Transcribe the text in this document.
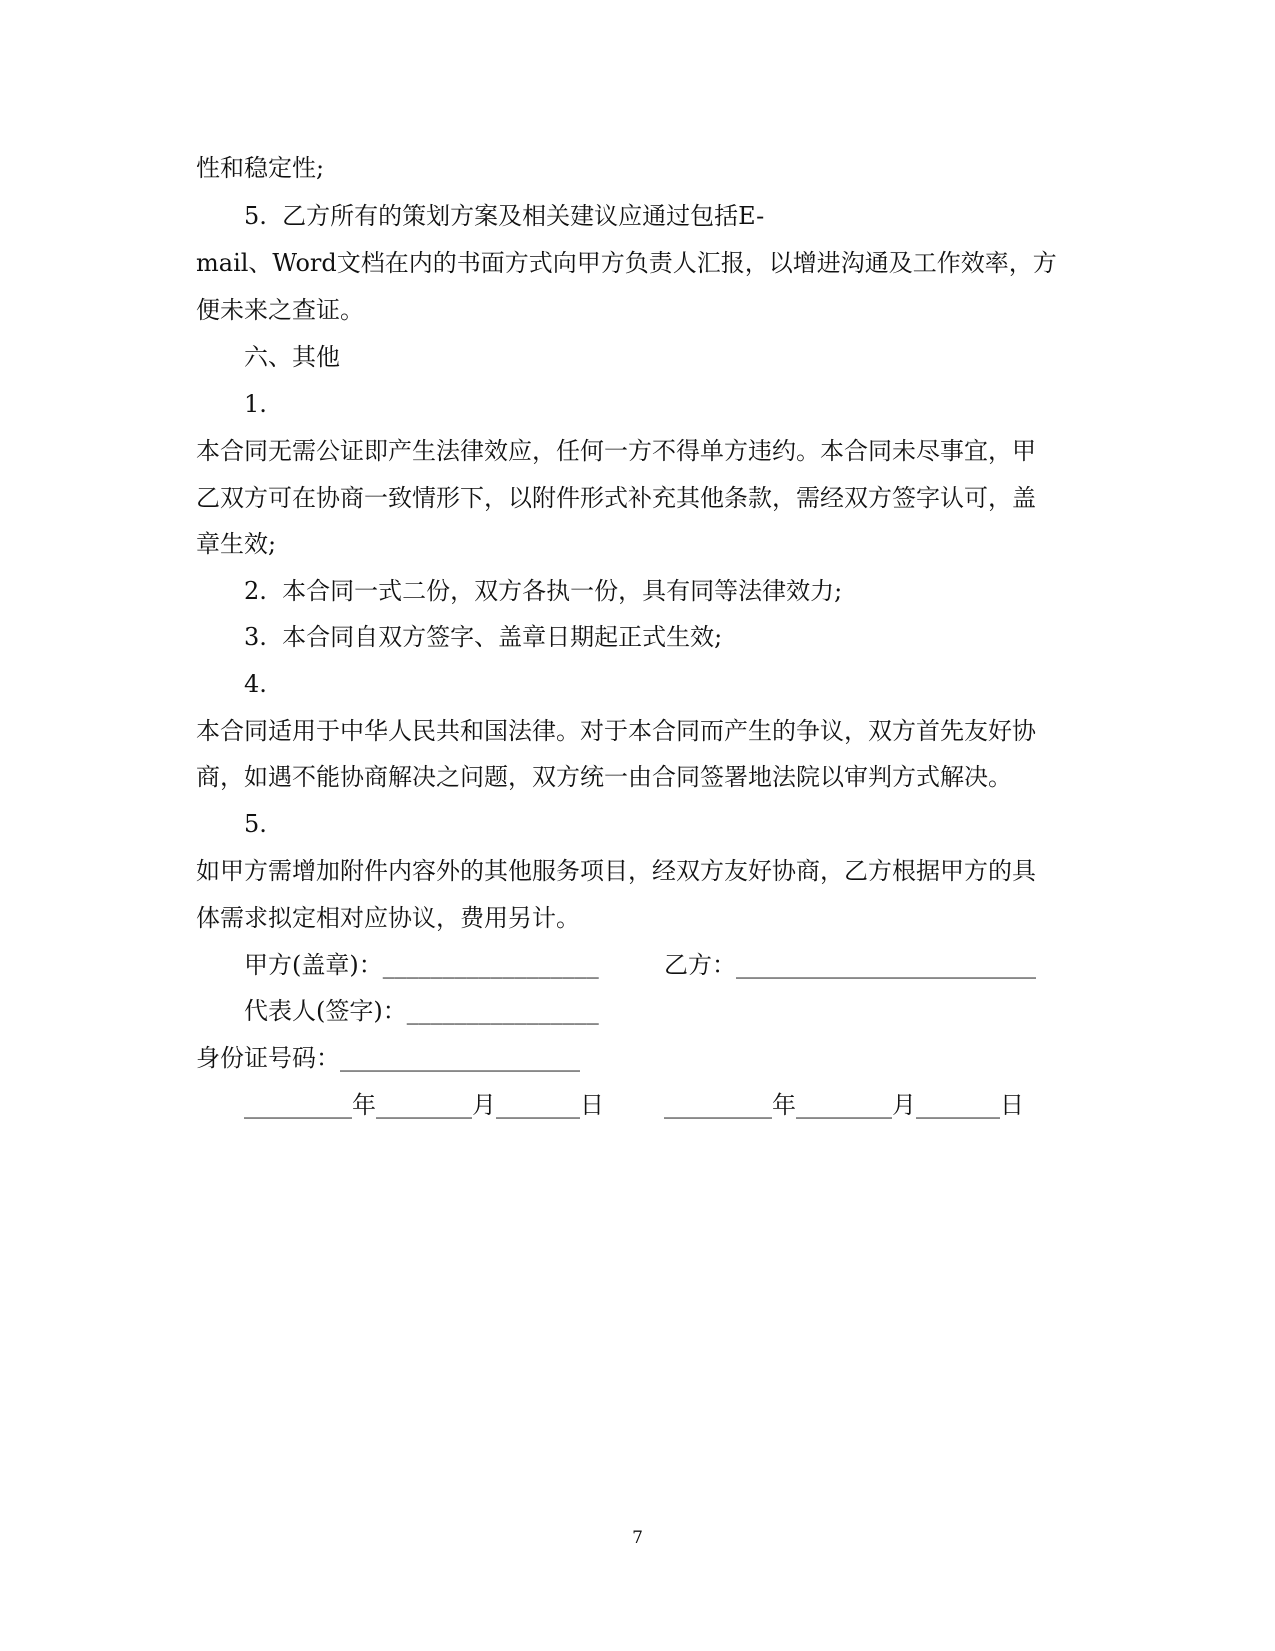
性和稳定性;
5.  乙方所有的策划方案及相关建议应通过包括E-
mail、Word文档在内的书面方式向甲方负责人汇报，以增进沟通及工作效率，方
便未来之查证。
六、其他
1.
本合同无需公证即产生法律效应，任何一方不得单方违约。本合同未尽事宜，甲
乙双方可在协商一致情形下，以附件形式补充其他条款，需经双方签字认可，盖
章生效;
2.  本合同一式二份，双方各执一份，具有同等法律效力;
3.  本合同自双方签字、盖章日期起正式生效;
4.
本合同适用于中华人民共和国法律。对于本合同而产生的争议，双方首先友好协
商，如遇不能协商解决之问题，双方统一由合同签署地法院以审判方式解决。
5.
如甲方需增加附件内容外的其他服务项目，经双方友好协商，乙方根据甲方的具
体需求拟定相对应协议，费用另计。
甲方(盖章)：__________________	乙方：_________________________
代表人(签字)：________________
身份证号码：____________________
_________年________月_______日	_________年________月_______日
7
